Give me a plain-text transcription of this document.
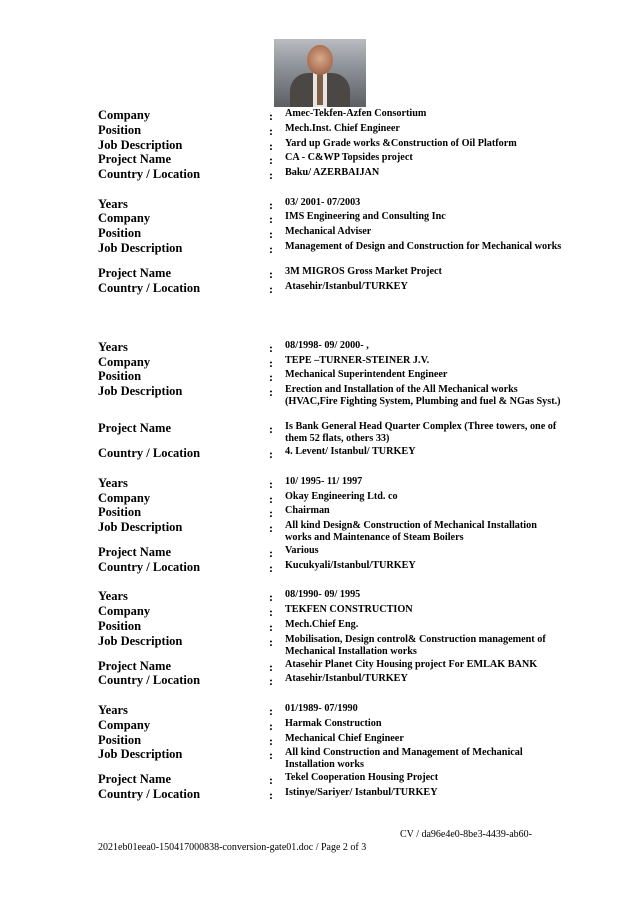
Company	: Amec-Tekfen-Azfen Consortium
Position	: Mech.Inst. Chief Engineer
Job Description	: Yard up Grade works &Construction of Oil Platform
Project Name	: CA - C&WP Topsides project
Country / Location	: Baku/ AZERBAIJAN
Years	: 03/ 2001- 07/2003
Company	: IMS Engineering and Consulting Inc
Position	: Mechanical Adviser
Job Description	: Management of Design and Construction for Mechanical works
Project Name	: 3M MIGROS Gross Market Project
Country / Location	: Atasehir/Istanbul/TURKEY
Years	: 08/1998- 09/ 2000- ,
Company	: TEPE –TURNER-STEINER J.V.
Position	: Mechanical Superintendent Engineer
Job Description	: Erection and Installation of the All Mechanical works (HVAC,Fire Fighting System, Plumbing and fuel & NGas Syst.)
Project Name	: Is Bank General Head Quarter Complex (Three towers, one of them 52 flats, others 33)
Country / Location	: 4. Levent/ Istanbul/ TURKEY
Years	: 10/ 1995- 11/ 1997
Company	: Okay Engineering Ltd. co
Position	: Chairman
Job Description	: All kind Design& Construction of Mechanical Installation works and Maintenance of Steam Boilers
Project Name	: Various
Country / Location	: Kucukyali/Istanbul/TURKEY
Years	: 08/1990- 09/ 1995
Company	: TEKFEN CONSTRUCTION
Position	: Mech.Chief Eng.
Job Description	: Mobilisation, Design control& Construction management of Mechanical Installation works
Project Name	: Atasehir Planet City Housing project For EMLAK BANK
Country / Location	: Atasehir/Istanbul/TURKEY
Years	: 01/1989- 07/1990
Company	: Harmak Construction
Position	: Mechanical Chief Engineer
Job Description	: All kind Construction and Management of Mechanical Installation works
Project Name	: Tekel Cooperation Housing Project
Country / Location	: Istinye/Sariyer/ Istanbul/TURKEY
CV / da96e4e0-8be3-4439-ab60-
2021eb01eea0-150417000838-conversion-gate01.doc / Page 2 of 3
